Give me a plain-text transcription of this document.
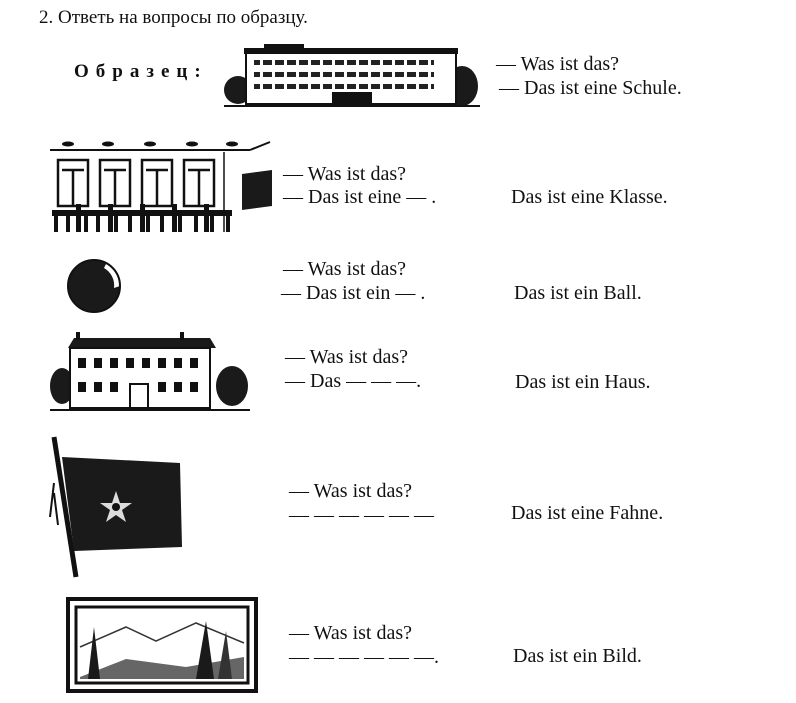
2. Ответь на вопросы по образцу.
Образец:	— Was ist das?
— Das ist eine Schule.
— Was ist das?
— Das ist eine — .	Das ist eine Klasse.
— Was ist das?
— Das ist ein — .	Das ist ein Ball.
— Was ist das?
— Das — — —.	Das ist ein Haus.
— Was ist das?
— — — — — —	Das ist eine Fahne.
— Was ist das?
— — — — — —.	Das ist ein Bild.
